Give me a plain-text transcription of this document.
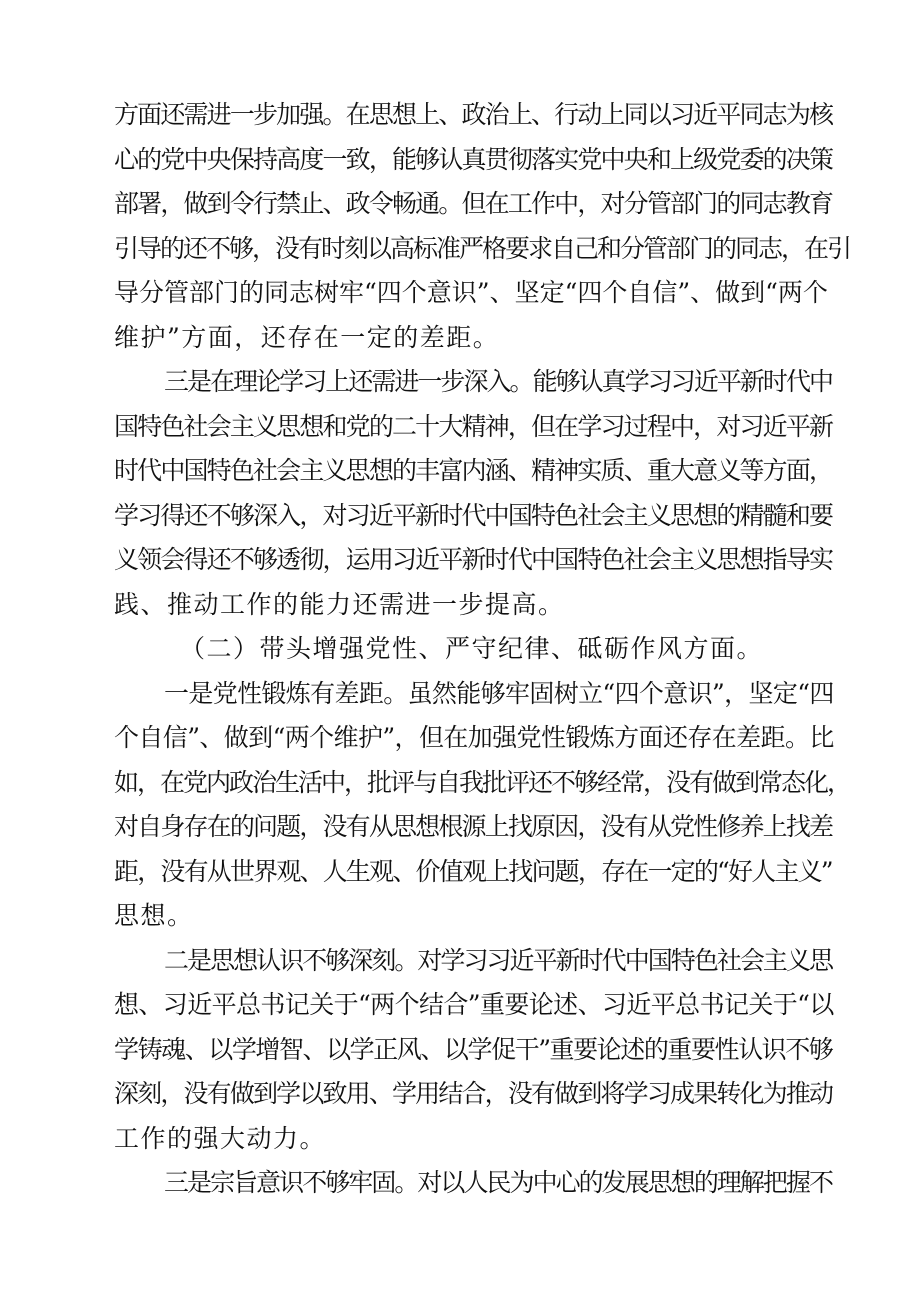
方面还需进一步加强。在思想上、政治上、行动上同以习近平同志为核
心的党中央保持高度一致，能够认真贯彻落实党中央和上级党委的决策
部署，做到令行禁止、政令畅通。但在工作中，对分管部门的同志教育
引导的还不够，没有时刻以高标准严格要求自己和分管部门的同志，在引
导分管部门的同志树牢“四个意识”、坚定“四个自信”、做到“两个
维护”方面，还存在一定的差距。
三是在理论学习上还需进一步深入。能够认真学习习近平新时代中
国特色社会主义思想和党的二十大精神，但在学习过程中，对习近平新
时代中国特色社会主义思想的丰富内涵、精神实质、重大意义等方面，
学习得还不够深入，对习近平新时代中国特色社会主义思想的精髓和要
义领会得还不够透彻，运用习近平新时代中国特色社会主义思想指导实
践、推动工作的能力还需进一步提高。
（二）带头增强党性、严守纪律、砥砺作风方面。
一是党性锻炼有差距。虽然能够牢固树立“四个意识”，坚定“四
个自信”、做到“两个维护”，但在加强党性锻炼方面还存在差距。比
如，在党内政治生活中，批评与自我批评还不够经常，没有做到常态化，
对自身存在的问题，没有从思想根源上找原因，没有从党性修养上找差
距，没有从世界观、人生观、价值观上找问题，存在一定的“好人主义”
思想。
二是思想认识不够深刻。对学习习近平新时代中国特色社会主义思
想、习近平总书记关于“两个结合”重要论述、习近平总书记关于“以
学铸魂、以学增智、以学正风、以学促干”重要论述的重要性认识不够
深刻，没有做到学以致用、学用结合，没有做到将学习成果转化为推动
工作的强大动力。
三是宗旨意识不够牢固。对以人民为中心的发展思想的理解把握不
